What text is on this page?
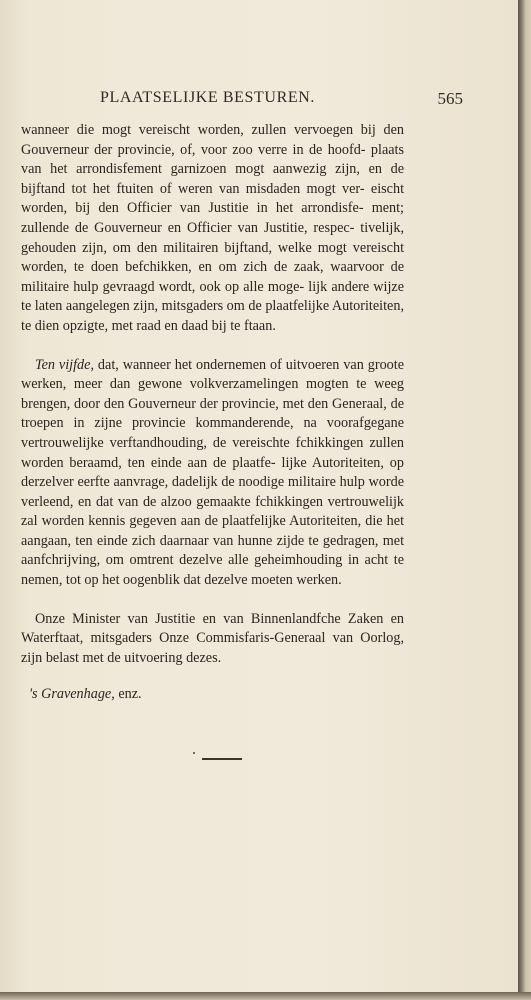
PLAATSELIJKE BESTUREN.	565

wanneer die mogt vereischt worden, zullen vervoegen bij den Gouverneur der provincie, of, voor zoo verre in de hoofd- plaats van het arrondisfement garnizoen mogt aanwezig zijn, en de bijftand tot het ftuiten of weren van misdaden mogt ver- eischt worden, bij den Officier van Justitie in het arrondisfe- ment; zullende de Gouverneur en Officier van Justitie, respec- tivelijk, gehouden zijn, om den militairen bijftand, welke mogt vereischt worden, te doen befchikken, en om zich de zaak, waarvoor de militaire hulp gevraagd wordt, ook op alle moge- lijk andere wijze te laten aangelegen zijn, mitsgaders om de plaatfelijke Autoriteiten, te dien opzigte, met raad en daad bij te ftaan.

Ten vijfde, dat, wanneer het ondernemen of uitvoeren van groote werken, meer dan gewone volkverzamelingen mogten te weeg brengen, door den Gouverneur der provincie, met den Generaal, de troepen in zijne provincie kommanderende, na voorafgegane vertrouwelijke verftandhouding, de vereischte fchikkingen zullen worden beraamd, ten einde aan de plaatfe- lijke Autoriteiten, op derzelver eerfte aanvrage, dadelijk de noodige militaire hulp worde verleend, en dat van de alzoo gemaakte fchikkingen vertrouwelijk zal worden kennis gegeven aan de plaatfelijke Autoriteiten, die het aangaan, ten einde zich daarnaar van hunne zijde te gedragen, met aanfchrijving, om omtrent dezelve alle geheimhouding in acht te nemen, tot op het oogenblik dat dezelve moeten werken.

Onze Minister van Justitie en van Binnenlandfche Zaken en Waterftaat, mitsgaders Onze Commisfaris-Generaal van Oorlog, zijn belast met de uitvoering dezes.

's Gravenhage, enz.
